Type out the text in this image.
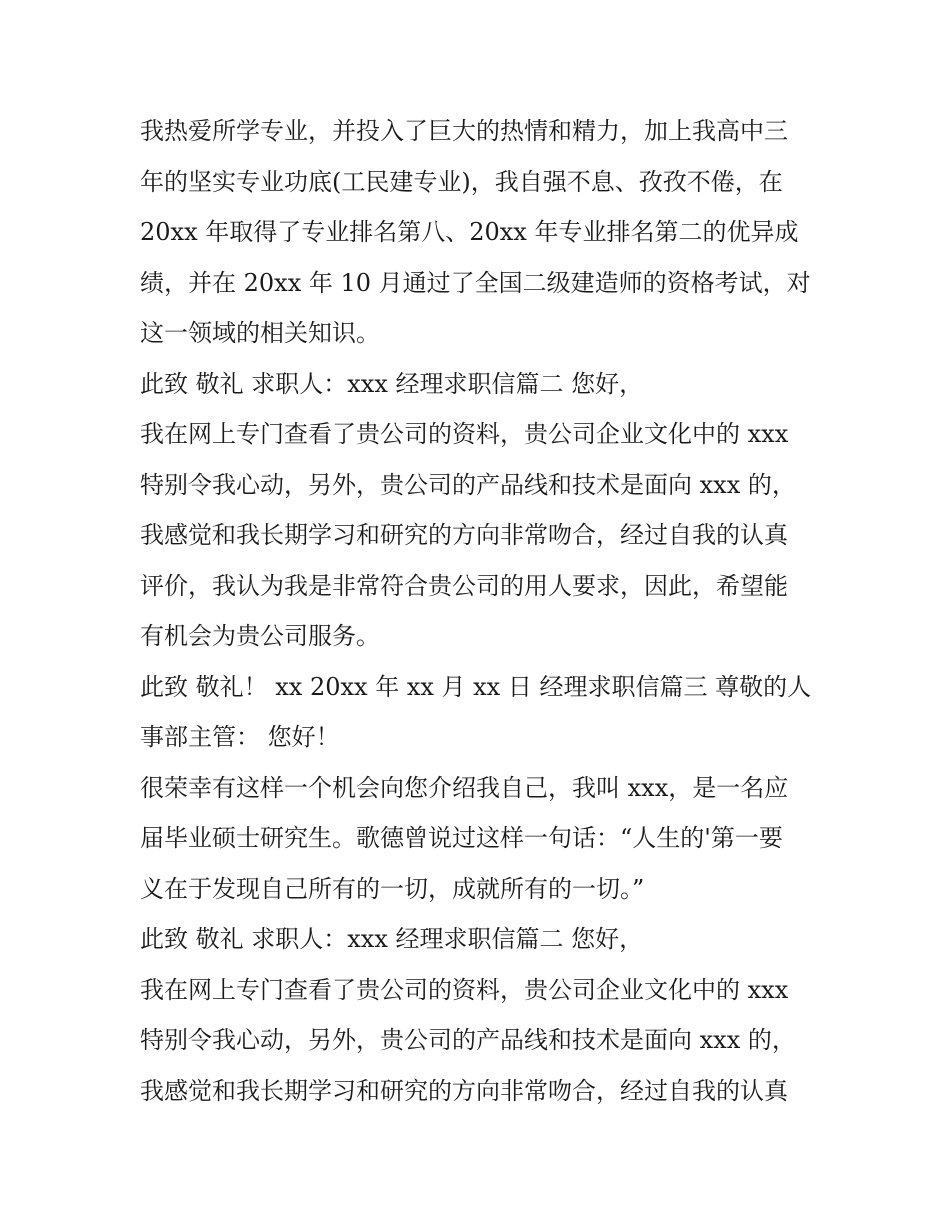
我热爱所学专业，并投入了巨大的热情和精力，加上我高中三
年的坚实专业功底(工民建专业)，我自强不息、孜孜不倦，在
20xx 年取得了专业排名第八、20xx 年专业排名第二的优异成
绩，并在 20xx 年 10 月通过了全国二级建造师的资格考试，对
这一领域的相关知识。
此致 敬礼 求职人：xxx 经理求职信篇二 您好，
我在网上专门查看了贵公司的资料，贵公司企业文化中的 xxx
特别令我心动，另外，贵公司的产品线和技术是面向 xxx 的，
我感觉和我长期学习和研究的方向非常吻合，经过自我的认真
评价，我认为我是非常符合贵公司的用人要求，因此，希望能
有机会为贵公司服务。
此致 敬礼！ xx 20xx 年 xx 月 xx 日 经理求职信篇三 尊敬的人
事部主管： 您好！
很荣幸有这样一个机会向您介绍我自己，我叫 xxx，是一名应
届毕业硕士研究生。歌德曾说过这样一句话：“人生的'第一要
义在于发现自己所有的一切，成就所有的一切。”
此致 敬礼 求职人：xxx 经理求职信篇二 您好，
我在网上专门查看了贵公司的资料，贵公司企业文化中的 xxx
特别令我心动，另外，贵公司的产品线和技术是面向 xxx 的，
我感觉和我长期学习和研究的方向非常吻合，经过自我的认真
